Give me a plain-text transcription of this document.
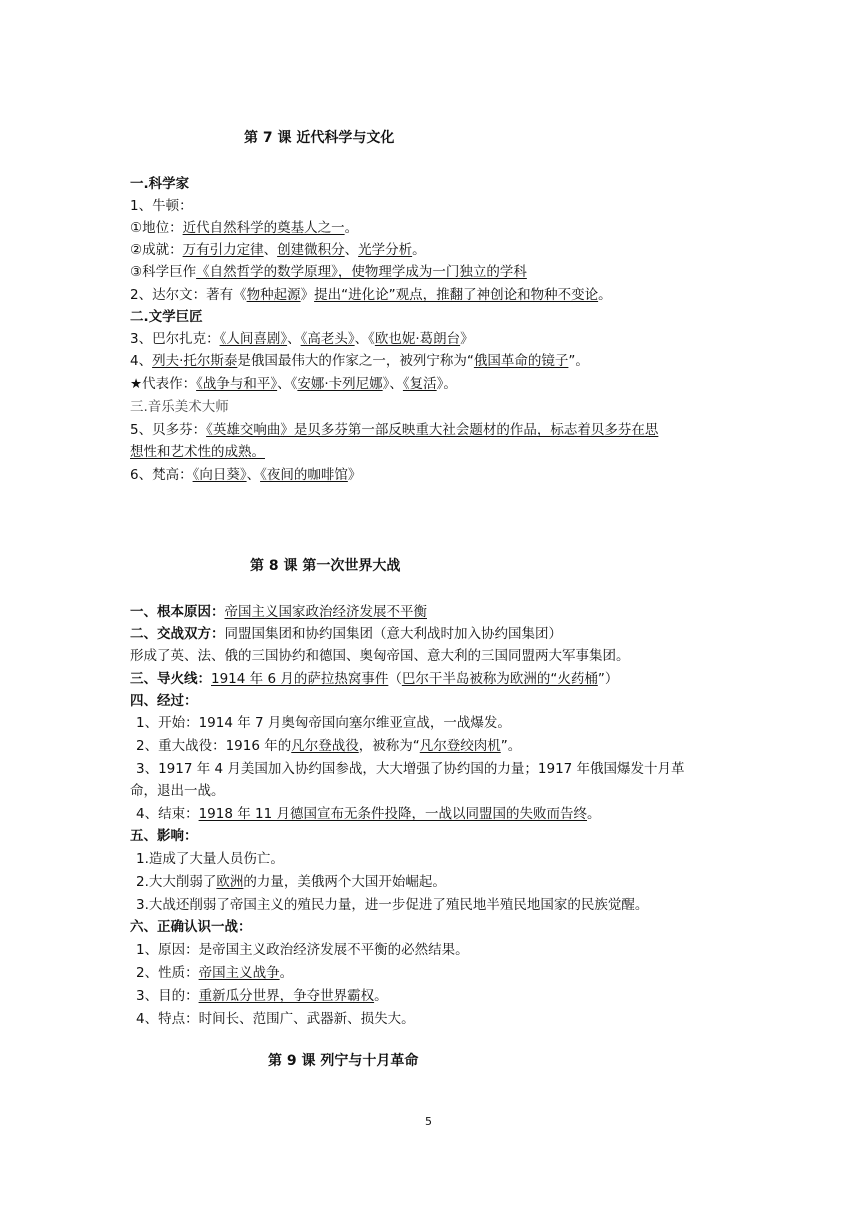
第 7 课 近代科学与文化
一.科学家
1、牛顿：
①地位：近代自然科学的奠基人之一。
②成就：万有引力定律、创建微积分、光学分析。
③科学巨作《自然哲学的数学原理》，使物理学成为一门独立的学科
2、达尔文：著有《物种起源》提出“进化论”观点，推翻了神创论和物种不变论。
二.文学巨匠
3、巴尔扎克：《人间喜剧》、《高老头》、《欧也妮·葛朗台》
4、列夫·托尔斯泰是俄国最伟大的作家之一，被列宁称为“俄国革命的镜子”。
★代表作：《战争与和平》、《安娜·卡列尼娜》、《复活》。
三.音乐美术大师
5、贝多芬：《英雄交响曲》是贝多芬第一部反映重大社会题材的作品，标志着贝多芬在思
想性和艺术性的成熟。
6、梵高：《向日葵》、《夜间的咖啡馆》
第 8 课 第一次世界大战
一、根本原因：帝国主义国家政治经济发展不平衡
二、交战双方：同盟国集团和协约国集团（意大利战时加入协约国集团）
形成了英、法、俄的三国协约和德国、奥匈帝国、意大利的三国同盟两大军事集团。
三、导火线：1914 年 6 月的萨拉热窝事件（巴尔干半岛被称为欧洲的“火药桶”）
四、经过：
1、开始：1914 年 7 月奥匈帝国向塞尔维亚宣战，一战爆发。
2、重大战役：1916 年的凡尔登战役，被称为“凡尔登绞肉机”。
3、1917 年 4 月美国加入协约国参战，大大增强了协约国的力量；1917 年俄国爆发十月革
命，退出一战。
4、结束：1918 年 11 月德国宣布无条件投降，一战以同盟国的失败而告终。
五、影响：
1.造成了大量人员伤亡。
2.大大削弱了欧洲的力量，美俄两个大国开始崛起。
3.大战还削弱了帝国主义的殖民力量，进一步促进了殖民地半殖民地国家的民族觉醒。
六、正确认识一战：
1、原因：是帝国主义政治经济发展不平衡的必然结果。
2、性质：帝国主义战争。
3、目的：重新瓜分世界，争夺世界霸权。
4、特点：时间长、范围广、武器新、损失大。
第 9 课 列宁与十月革命
5
